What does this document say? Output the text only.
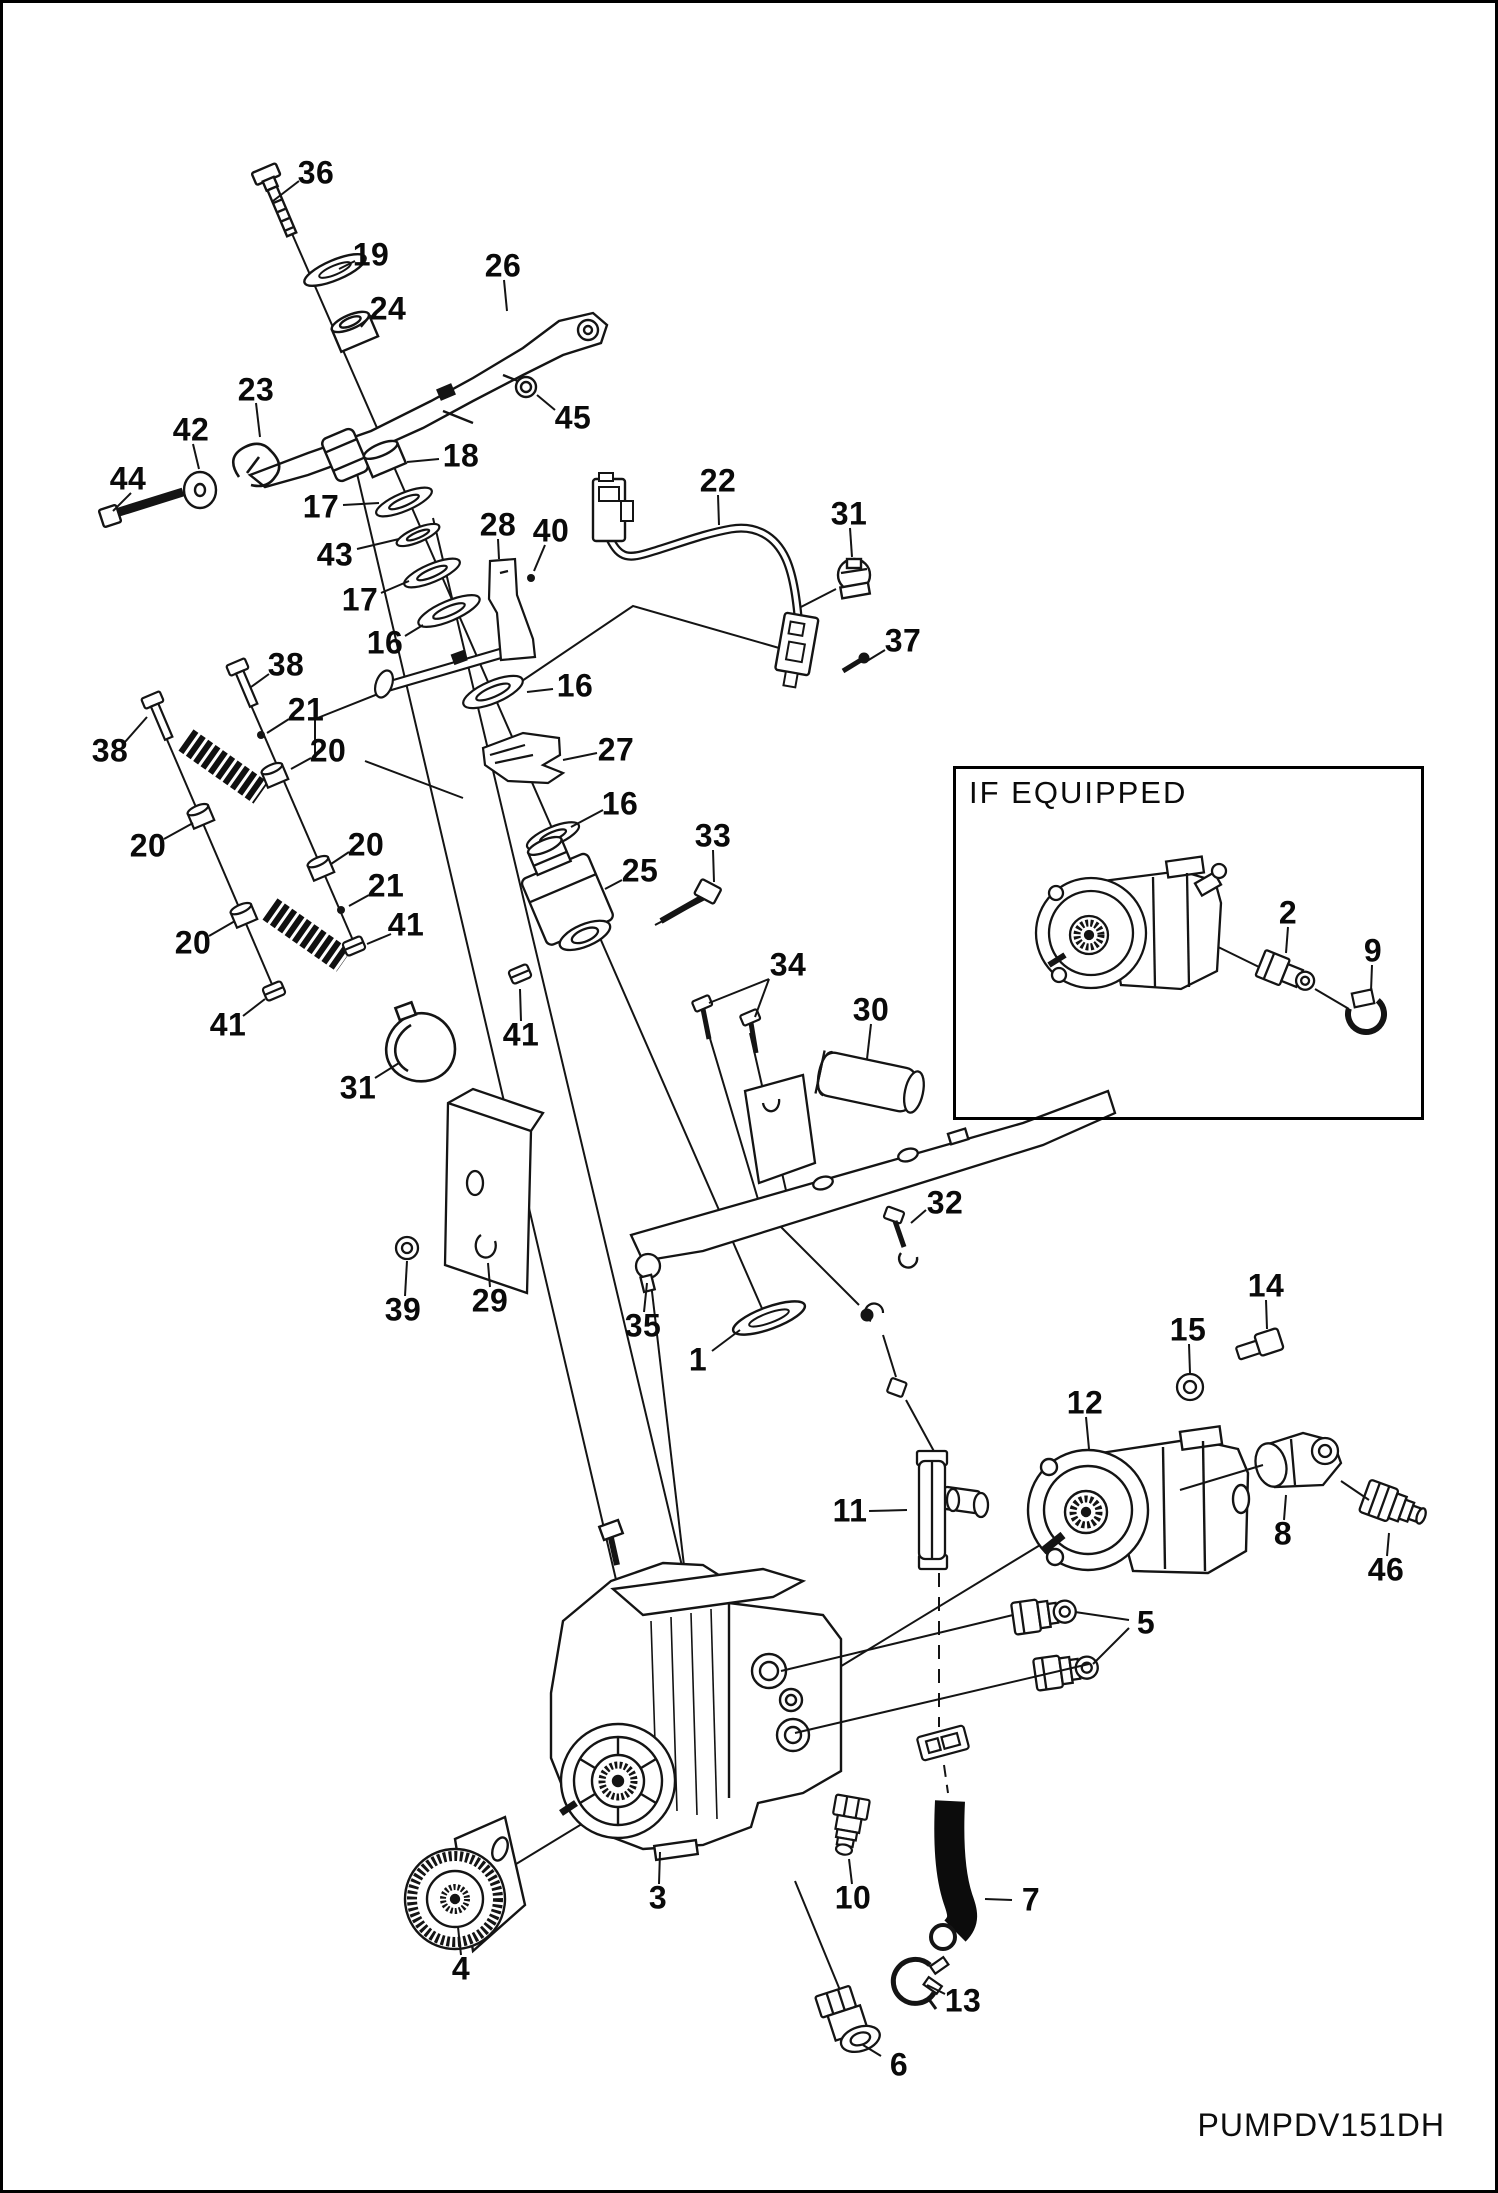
IF EQUIPPED
PUMPDV151DH
36
19	26
24
23
42	45
44
18
17
43
17
16
28 40
22
31
37
16
38
21
20
38	27
16
20	20
25
33
21
41
20
41	41
34
31
30
32
39 29
35
1
14
15
12
11
8
46
5
3	10
4
7
13
6
2
9
